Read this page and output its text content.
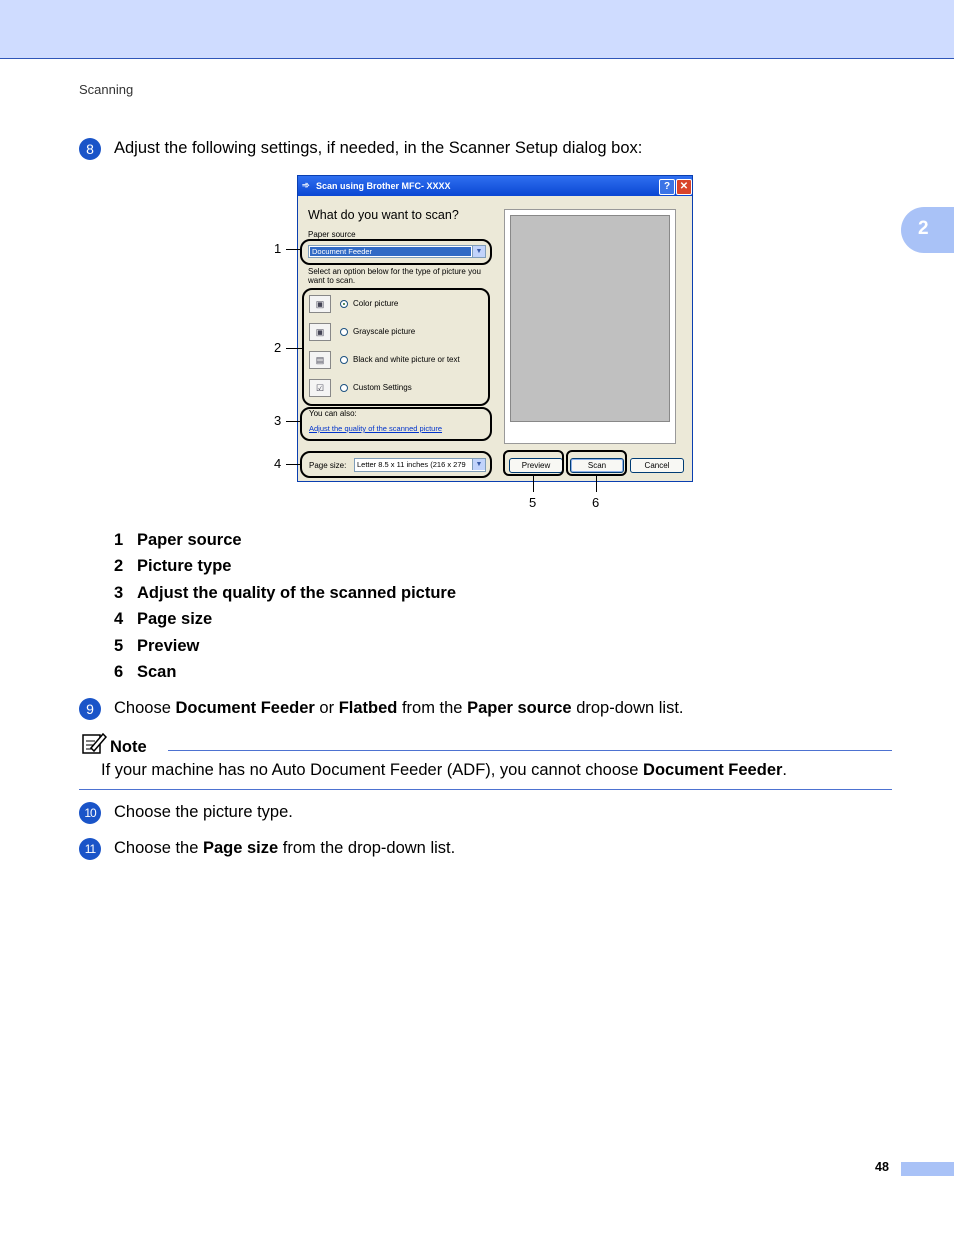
Scanning
2
8	Adjust the following settings, if needed, in the Scanner Setup dialog box:
➾ Scan using Brother MFC- XXXX	? ✕
What do you want to scan?
Paper source
Document Feeder	▼
Select an option below for the type of picture you want to scan.
▣	Color picture
▣	Grayscale picture
▤	Black and white picture or text
☑	Custom Settings
You can also:
Adjust the quality of the scanned picture
Page size: Letter 8.5 x 11 inches (216 x 279	▼	Preview	Scan	Cancel
1
2
3
4
5	6
1 Paper source
2 Picture type
3 Adjust the quality of the scanned picture
4 Page size
5 Preview
6 Scan
9	Choose Document Feeder or Flatbed from the Paper source drop-down list.
Note
If your machine has no Auto Document Feeder (ADF), you cannot choose Document Feeder.
10	Choose the picture type.
11	Choose the Page size from the drop-down list.
48
